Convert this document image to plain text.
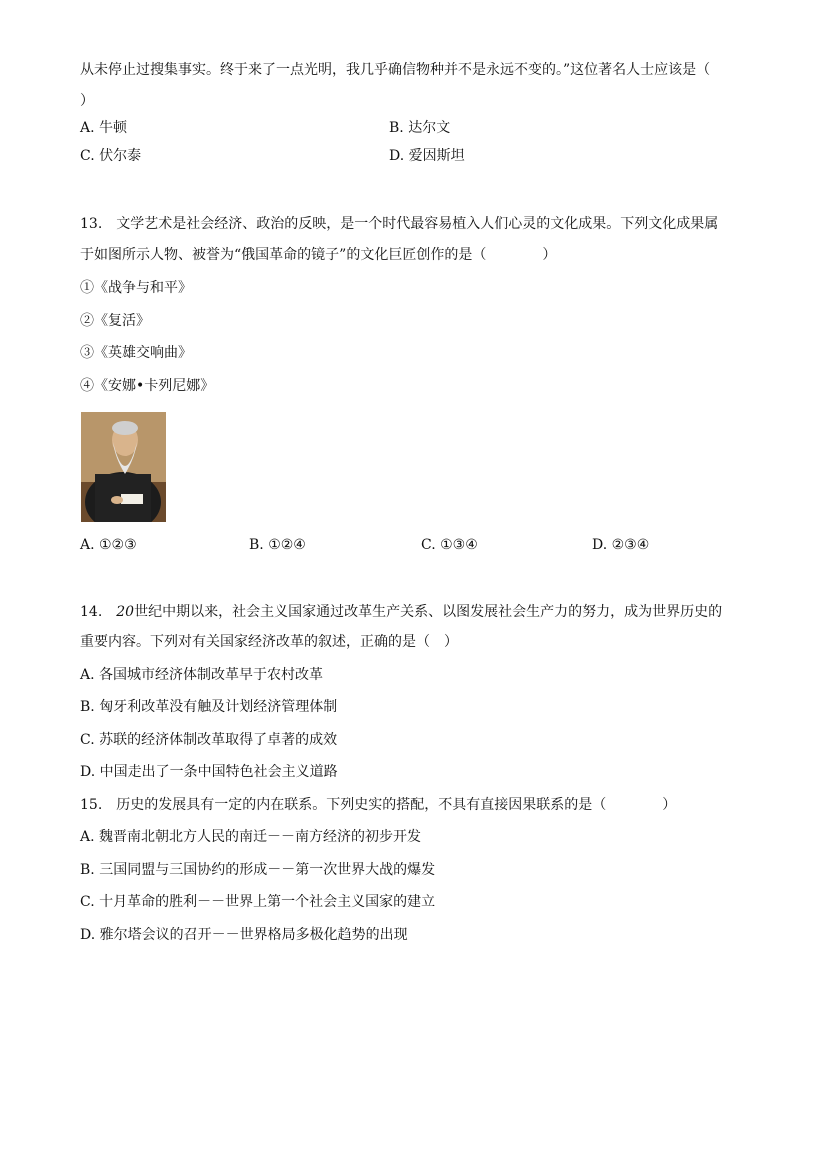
从未停止过搜集事实。终于来了一点光明，我几乎确信物种并不是永远不变的。”这位著名人士应该是（
）
A. 牛顿	B. 达尔文
C. 伏尔泰	D. 爱因斯坦
13. 文学艺术是社会经济、政治的反映，是一个时代最容易植入人们心灵的文化成果。下列文化成果属
于如图所示人物、被誉为“俄国革命的镜子”的文化巨匠创作的是（　　　　）
①《战争与和平》
②《复活》
③《英雄交响曲》
④《安娜•卡列尼娜》
A. ①②③	B. ①②④	C. ①③④	D. ②③④
14. 20世纪中期以来，社会主义国家通过改革生产关系、以图发展社会生产力的努力，成为世界历史的
重要内容。下列对有关国家经济改革的叙述，正确的是（　）
A. 各国城市经济体制改革早于农村改革
B. 匈牙利改革没有触及计划经济管理体制
C. 苏联的经济体制改革取得了卓著的成效
D. 中国走出了一条中国特色社会主义道路
15. 历史的发展具有一定的内在联系。下列史实的搭配，不具有直接因果联系的是（　　　　）
A. 魏晋南北朝北方人民的南迁－－南方经济的初步开发
B. 三国同盟与三国协约的形成－－第一次世界大战的爆发
C. 十月革命的胜利－－世界上第一个社会主义国家的建立
D. 雅尔塔会议的召开－－世界格局多极化趋势的出现
